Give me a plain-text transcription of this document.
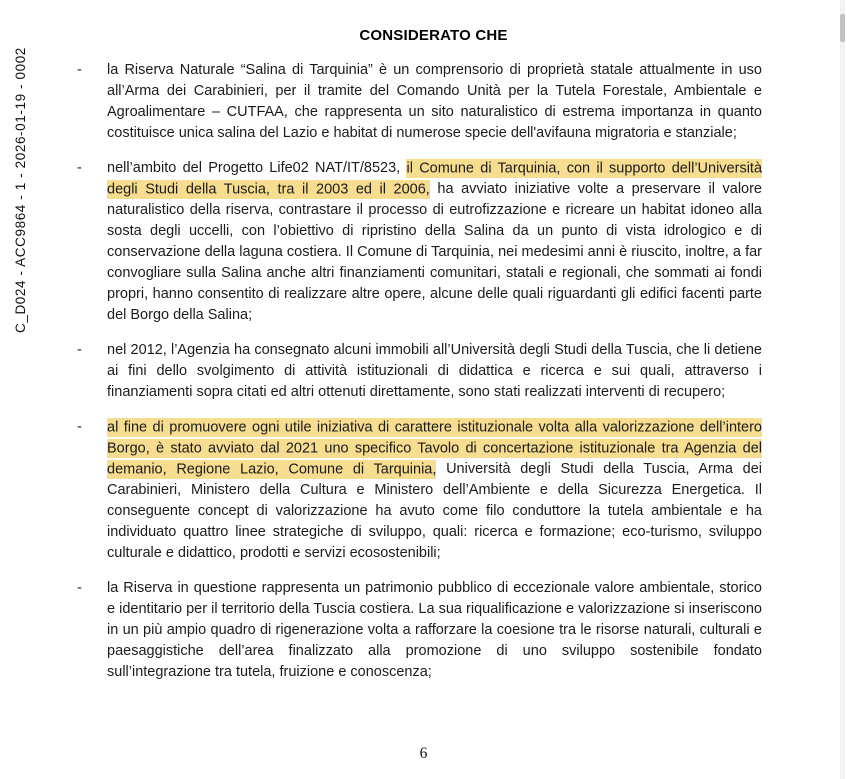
C_D024 - ACC9864 - 1 - 2026-01-19 - 0002
CONSIDERATO CHE
-	la Riserva Naturale “Salina di Tarquinia” è un comprensorio di proprietà statale attualmente in uso all’Arma dei Carabinieri, per il tramite del Comando Unità per la Tutela Forestale, Ambientale e Agroalimentare – CUTFAA, che rappresenta un sito naturalistico di estrema importanza in quanto costituisce unica salina del Lazio e habitat di numerose specie dell'avifauna migratoria e stanziale;

-	nell’ambito del Progetto Life02 NAT/IT/8523, il Comune di Tarquinia, con il supporto dell’Università degli Studi della Tuscia, tra il 2003 ed il 2006, ha avviato iniziative volte a preservare il valore naturalistico della riserva, contrastare il processo di eutrofizzazione e ricreare un habitat idoneo alla sosta degli uccelli, con l’obiettivo di ripristino della Salina da un punto di vista idrologico e di conservazione della laguna costiera. Il Comune di Tarquinia, nei medesimi anni è riuscito, inoltre, a far convogliare sulla Salina anche altri finanziamenti comunitari, statali e regionali, che sommati ai fondi propri, hanno consentito di realizzare altre opere, alcune delle quali riguardanti gli edifici facenti parte del Borgo della Salina;

-	nel 2012, l’Agenzia ha consegnato alcuni immobili all’Università degli Studi della Tuscia, che li detiene ai fini dello svolgimento di attività istituzionali di didattica e ricerca e sui quali, attraverso i finanziamenti sopra citati ed altri ottenuti direttamente, sono stati realizzati interventi di recupero;

-	al fine di promuovere ogni utile iniziativa di carattere istituzionale volta alla valorizzazione dell’intero Borgo, è stato avviato dal 2021 uno specifico Tavolo di concertazione istituzionale tra Agenzia del demanio, Regione Lazio, Comune di Tarquinia, Università degli Studi della Tuscia, Arma dei Carabinieri, Ministero della Cultura e Ministero dell’Ambiente e della Sicurezza Energetica. Il conseguente concept di valorizzazione ha avuto come filo conduttore la tutela ambientale e ha individuato quattro linee strategiche di sviluppo, quali: ricerca e formazione; eco-turismo, sviluppo culturale e didattico, prodotti e servizi ecosostenibili;

-	la Riserva in questione rappresenta un patrimonio pubblico di eccezionale valore ambientale, storico e identitario per il territorio della Tuscia costiera. La sua riqualificazione e valorizzazione si inseriscono in un più ampio quadro di rigenerazione volta a rafforzare la coesione tra le risorse naturali, culturali e paesaggistiche dell’area finalizzato alla promozione di uno sviluppo sostenibile fondato sull’integrazione tra tutela, fruizione e conoscenza;

6
